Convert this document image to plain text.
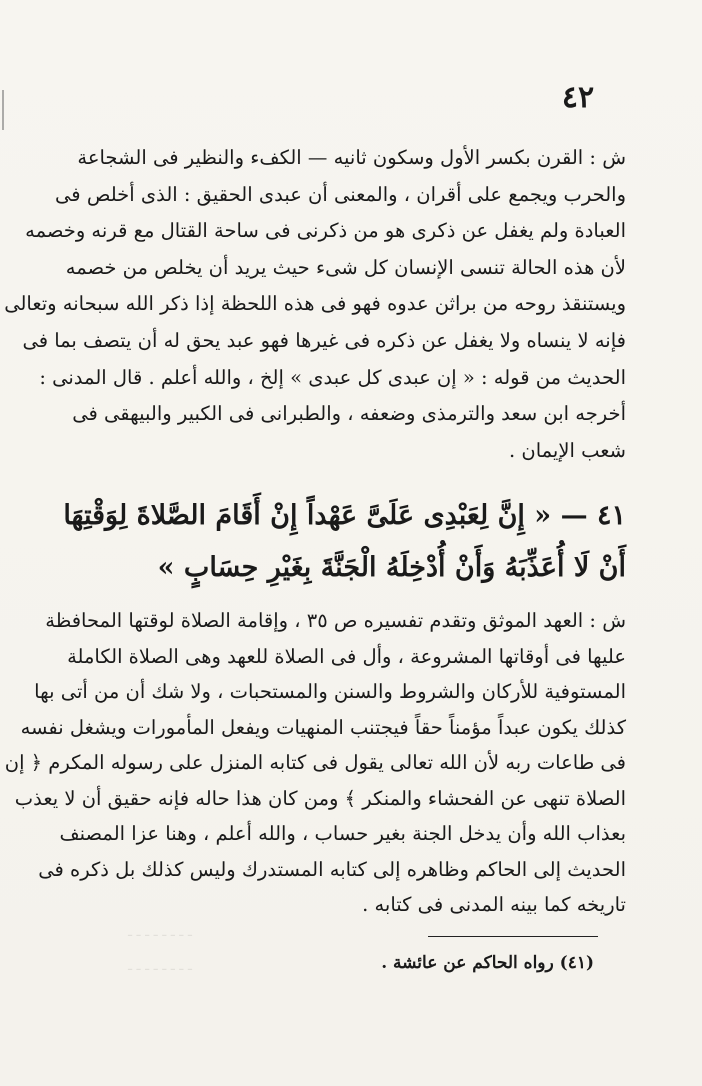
٤٢
ش : القرن بكسر الأول وسكون ثانيه — الكفء والنظير فى الشجاعة
والحرب ويجمع على أقران ، والمعنى أن عبدى الحقيق : الذى أخلص فى
العبادة ولم يغفل عن ذكرى هو من ذكرنى فى ساحة القتال مع قرنه وخصمه
لأن هذه الحالة تنسى الإنسان كل شىء حيث يريد أن يخلص من خصمه
ويستنقذ روحه من براثن عدوه فهو فى هذه اللحظة إذا ذكر الله سبحانه وتعالى
فإنه لا ينساه ولا يغفل عن ذكره فى غيرها فهو عبد يحق له أن يتصف بما فى
الحديث من قوله : « إن عبدى كل عبدى » إلخ ، والله أعلم . قال المدنى :
أخرجه ابن سعد والترمذى وضعفه ، والطبرانى فى الكبير والبيهقى فى
شعب الإيمان .
٤١ — « إِنَّ لِعَبْدِى عَلَىَّ عَهْداً إِنْ أَقَامَ الصَّلاةَ لِوَقْتِهَا
أَنْ لَا أُعَذِّبَهُ وَأَنْ أُدْخِلَهُ الْجَنَّةَ بِغَيْرِ حِسَابٍ »
ش : العهد الموثق وتقدم تفسيره ص ٣٥ ، وإقامة الصلاة لوقتها المحافظة
عليها فى أوقاتها المشروعة ، وأل فى الصلاة للعهد وهى الصلاة الكاملة
المستوفية للأركان والشروط والسنن والمستحبات ، ولا شك أن من أتى بها
كذلك يكون عبداً مؤمناً حقاً فيجتنب المنهيات ويفعل المأمورات ويشغل نفسه
فى طاعات ربه لأن الله تعالى يقول فى كتابه المنزل على رسوله المكرم ﴿ إن
الصلاة تنهى عن الفحشاء والمنكر ﴾ ومن كان هذا حاله فإنه حقيق أن لا يعذب
بعذاب الله وأن يدخل الجنة بغير حساب ، والله أعلم ، وهنا عزا المصنف
الحديث إلى الحاكم وظاهره إلى كتابه المستدرك وليس كذلك بل ذكره فى
تاريخه كما بينه المدنى فى كتابه .
ـ ـ ـ ـ ـ ـ ـ ـ
ـ ـ ـ ـ ـ ـ ـ ـ	(٤١) رواه الحاكم عن عائشة .
